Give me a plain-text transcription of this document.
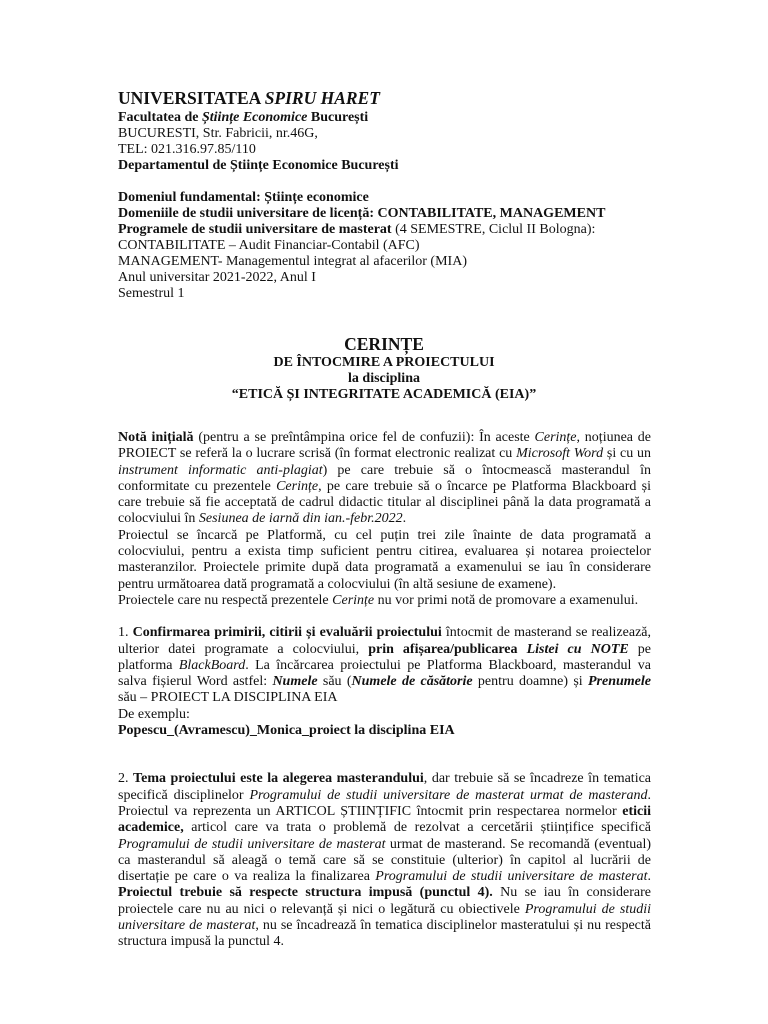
UNIVERSITATEA SPIRU HARET
Facultatea de Științe Economice București
BUCURESTI, Str. Fabricii, nr.46G,
TEL: 021.316.97.85/110
Departamentul de Științe Economice București
Domeniul fundamental: Științe economice
Domeniile de studii universitare de licență: CONTABILITATE, MANAGEMENT
Programele de studii universitare de masterat (4 SEMESTRE, Ciclul II Bologna):
CONTABILITATE – Audit Financiar-Contabil (AFC)
MANAGEMENT- Managementul integrat al afacerilor (MIA)
Anul universitar 2021-2022, Anul I
Semestrul 1
CERINȚE
DE ÎNTOCMIRE A PROIECTULUI
la disciplina
“ETICĂ ȘI INTEGRITATE ACADEMICĂ (EIA)”

Notă inițială (pentru a se preîntâmpina orice fel de confuzii): În aceste Cerințe, noțiunea de PROIECT se referă la o lucrare scrisă (în format electronic realizat cu Microsoft Word și cu un instrument informatic anti-plagiat) pe care trebuie să o întocmească masterandul în conformitate cu prezentele Cerințe, pe care trebuie să o încarce pe Platforma Blackboard și care trebuie să fie acceptată de cadrul didactic titular al disciplinei până la data programată a colocviului în Sesiunea de iarnă din ian.-febr.2022.

Proiectul se încarcă pe Platformă, cu cel puțin trei zile înainte de data programată a colocviului, pentru a exista timp suficient pentru citirea, evaluarea și notarea proiectelor masteranzilor. Proiectele primite după data programată a examenului se iau în considerare pentru următoarea dată programată a colocviului (în altă sesiune de examene).

Proiectele care nu respectă prezentele Cerințe nu vor primi notă de promovare a examenului.

1. Confirmarea primirii, citirii și evaluării proiectului întocmit de masterand se realizează, ulterior datei programate a colocviului, prin afișarea/publicarea Listei cu NOTE pe platforma BlackBoard. La încărcarea proiectului pe Platforma Blackboard, masterandul va salva fișierul Word astfel: Numele său (Numele de căsătorie pentru doamne) și Prenumele său – PROIECT LA DISCIPLINA EIA

De exemplu:

Popescu_(Avramescu)_Monica_proiect la disciplina EIA

2. Tema proiectului este la alegerea masterandului, dar trebuie să se încadreze în tematica specifică disciplinelor Programului de studii universitare de masterat urmat de masterand. Proiectul va reprezenta un ARTICOL ȘTIINȚIFIC întocmit prin respectarea normelor eticii academice, articol care va trata o problemă de rezolvat a cercetării științifice specifică Programului de studii universitare de masterat urmat de masterand. Se recomandă (eventual) ca masterandul să aleagă o temă care să se constituie (ulterior) în capitol al lucrării de disertație pe care o va realiza la finalizarea Programului de studii universitare de masterat. Proiectul trebuie să respecte structura impusă (punctul 4). Nu se iau în considerare proiectele care nu au nici o relevanță și nici o legătură cu obiectivele Programului de studii universitare de masterat, nu se încadrează în tematica disciplinelor masteratului și nu respectă structura impusă la punctul 4.
